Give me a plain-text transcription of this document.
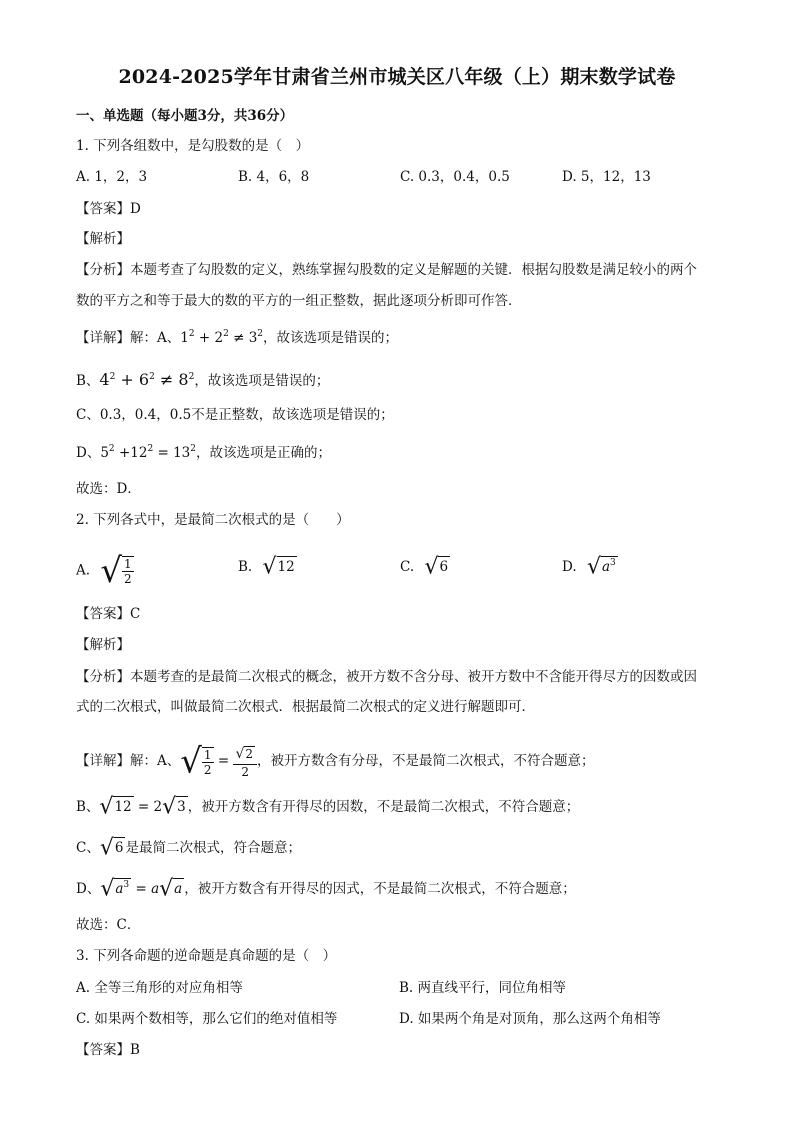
2024-2025学年甘肃省兰州市城关区八年级（上）期末数学试卷
一、单选题（每小题3分，共36分）
1. 下列各组数中，是勾股数的是（　）
A. 1，2，3	B. 4，6，8	C. 0.3，0.4，0.5	D. 5，12，13
【答案】D
【解析】
【分析】本题考查了勾股数的定义，熟练掌握勾股数的定义是解题的关键．根据勾股数是满足较小的两个
数的平方之和等于最大的数的平方的一组正整数，据此逐项分析即可作答．
【详解】解：A、$1^2 + 2^2 \ne 3^2$，故该选项是错误的；
B、$4^2 + 6^2 \ne 8^2$，故该选项是错误的；
C、0.3，0.4，0.5不是正整数，故该选项是错误的；
D、$5^2 +12^2 = 13^2$，故该选项是正确的；
故选：D．
2. 下列各式中，是最简二次根式的是（　　）
A. √ $\frac{1}{2}$	B. √12	C. √6	D. $√a^3$
【答案】C
【解析】
【分析】本题考查的是最简二次根式的概念，被开方数不含分母、被开方数中不含能开得尽方的因数或因
式的二次根式，叫做最简二次根式．根据最简二次根式的定义进行解题即可．
【详解】解：A、√ $\frac{1}{2} = \frac{√2}{2}$ ，被开方数含有分母，不是最简二次根式，不符合题意；
B、√12 = 2√3 ，被开方数含有开得尽的因数，不是最简二次根式，不符合题意；
C、√6 是最简二次根式，符合题意；
D、$√a^3 = a√a$ ，被开方数含有开得尽的因式，不是最简二次根式，不符合题意；
故选：C．
3. 下列各命题的逆命题是真命题的是（　）
A. 全等三角形的对应角相等	B. 两直线平行，同位角相等
C. 如果两个数相等，那么它们的绝对值相等	D. 如果两个角是对顶角，那么这两个角相等
【答案】B
